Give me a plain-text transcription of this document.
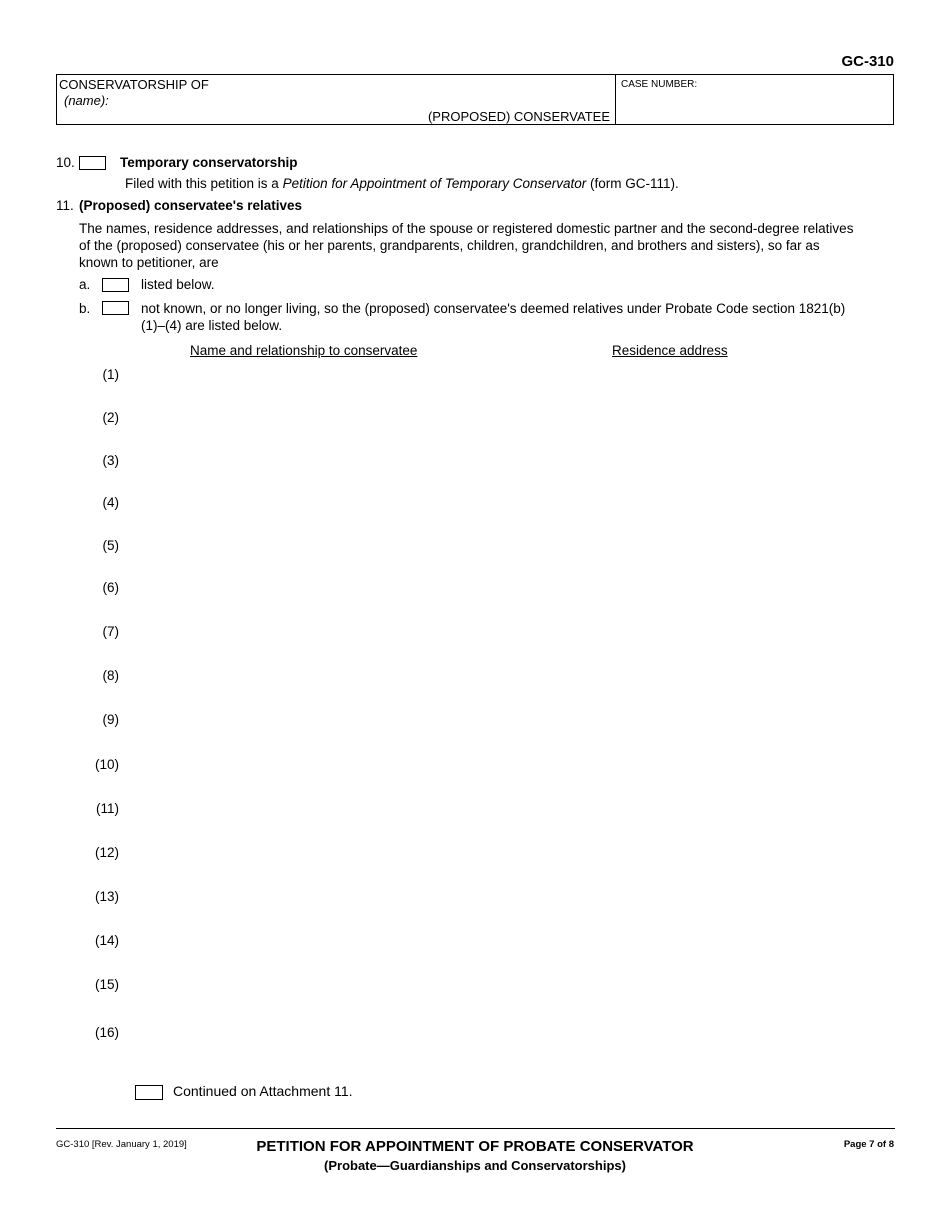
GC-310
CONSERVATORSHIP OF
(name):
(PROPOSED) CONSERVATEE
CASE NUMBER:
10.	Temporary conservatorship
Filed with this petition is a Petition for Appointment of Temporary Conservator (form GC-111).
11. (Proposed) conservatee's relatives
The names, residence addresses, and relationships of the spouse or registered domestic partner and the second-degree relatives
of the (proposed) conservatee (his or her parents, grandparents, children, grandchildren, and brothers and sisters), so far as
known to petitioner, are
a.	listed below.
b.	not known, or no longer living, so the (proposed) conservatee's deemed relatives under Probate Code section 1821(b)
(1)–(4) are listed below.
Name and relationship to conservatee	Residence address
(1)
(2)
(3)
(4)
(5)
(6)
(7)
(8)
(9)
(10)
(11)
(12)
(13)
(14)
(15)
(16)
Continued on Attachment 11.
GC-310 [Rev. January 1, 2019]	PETITION FOR APPOINTMENT OF PROBATE CONSERVATOR
(Probate—Guardianships and Conservatorships)
Page 7 of 8
